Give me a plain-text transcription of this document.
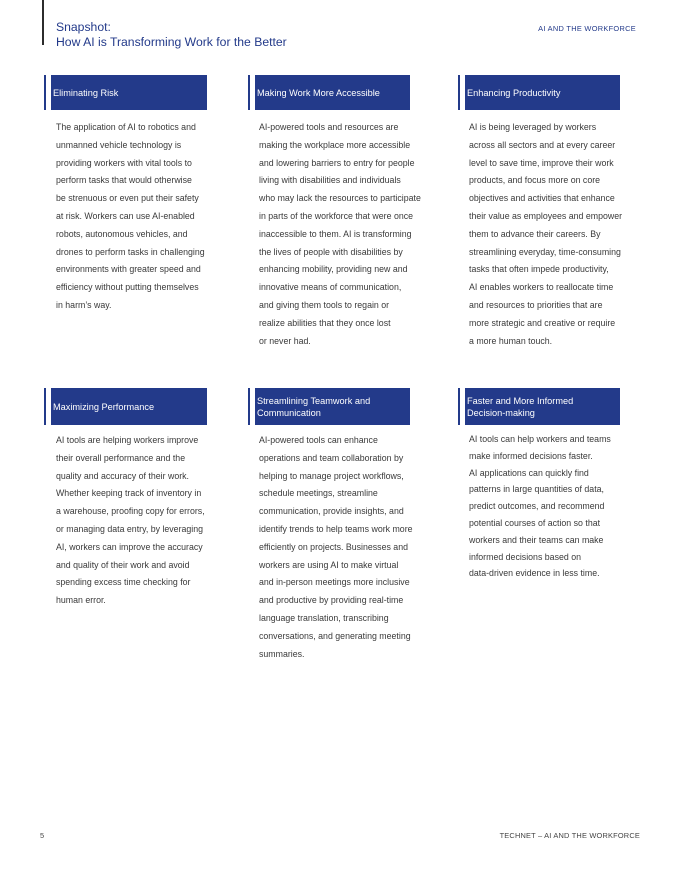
Snapshot:
How AI is Transforming Work for the Better
AI AND THE WORKFORCE
Eliminating Risk
The application of AI to robotics and
unmanned vehicle technology is
providing workers with vital tools to
perform tasks that would otherwise
be strenuous or even put their safety
at risk. Workers can use AI-enabled
robots, autonomous vehicles, and
drones to perform tasks in challenging
environments with greater speed and
efficiency without putting themselves
in harm’s way.
Making Work More Accessible
AI-powered tools and resources are
making the workplace more accessible
and lowering barriers to entry for people
living with disabilities and individuals
who may lack the resources to participate
in parts of the workforce that were once
inaccessible to them. AI is transforming
the lives of people with disabilities by
enhancing mobility, providing new and
innovative means of communication,
and giving them tools to regain or
realize abilities that they once lost
or never had.
Enhancing Productivity
AI is being leveraged by workers
across all sectors and at every career
level to save time, improve their work
products, and focus more on core
objectives and activities that enhance
their value as employees and empower
them to advance their careers. By
streamlining everyday, time-consuming
tasks that often impede productivity,
AI enables workers to reallocate time
and resources to priorities that are
more strategic and creative or require
a more human touch.
Maximizing Performance
AI tools are helping workers improve
their overall performance and the
quality and accuracy of their work.
Whether keeping track of inventory in
a warehouse, proofing copy for errors,
or managing data entry, by leveraging
AI, workers can improve the accuracy
and quality of their work and avoid
spending excess time checking for
human error.
Streamlining Teamwork and
Communication
AI-powered tools can enhance
operations and team collaboration by
helping to manage project workflows,
schedule meetings, streamline
communication, provide insights, and
identify trends to help teams work more
efficiently on projects. Businesses and
workers are using AI to make virtual
and in-person meetings more inclusive
and productive by providing real-time
language translation, transcribing
conversations, and generating meeting
summaries.
Faster and More Informed
Decision-making
AI tools can help workers and teams
make informed decisions faster.
AI applications can quickly find
patterns in large quantities of data,
predict outcomes, and recommend
potential courses of action so that
workers and their teams can make
informed decisions based on
data-driven evidence in less time.
5	TECHNET – AI AND THE WORKFORCE
